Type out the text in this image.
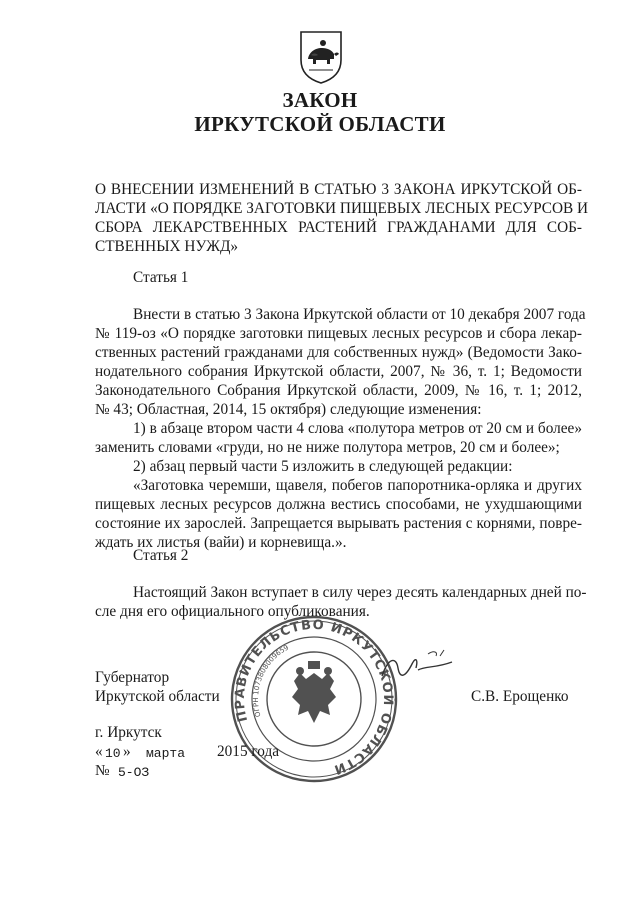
ЗАКОН
ИРКУТСКОЙ ОБЛАСТИ
О ВНЕСЕНИИ ИЗМЕНЕНИЙ В СТАТЬЮ 3 ЗАКОНА ИРКУТСКОЙ ОБ-
ЛАСТИ «О ПОРЯДКЕ ЗАГОТОВКИ ПИЩЕВЫХ ЛЕСНЫХ РЕСУРСОВ И
СБОРА ЛЕКАРСТВЕННЫХ РАСТЕНИЙ ГРАЖДАНАМИ ДЛЯ СОБ-
СТВЕННЫХ НУЖД»
Статья 1
Внести в статью 3 Закона Иркутской области от 10 декабря 2007 года
№ 119-оз «О порядке заготовки пищевых лесных ресурсов и сбора лекар-
ственных растений гражданами для собственных нужд» (Ведомости Зако-
нодательного собрания Иркутской области, 2007, № 36, т. 1; Ведомости
Законодательного Собрания Иркутской области, 2009, № 16, т. 1; 2012,
№ 43; Областная, 2014, 15 октября) следующие изменения:
1) в абзаце втором части 4 слова «полутора метров от 20 см и более»
заменить словами «груди, но не ниже полутора метров, 20 см и более»;
2) абзац первый части 5 изложить в следующей редакции:
«Заготовка черемши, щавеля, побегов папоротника-орляка и других
пищевых лесных ресурсов должна вестись способами, не ухудшающими
состояние их зарослей. Запрещается вырывать растения с корнями, повре-
ждать их листья (вайи) и корневища.».
Статья 2
Настоящий Закон вступает в силу через десять календарных дней по-
сле дня его официального опубликования.
ПРАВИТЕЛЬСТВО ИРКУТСКОЙ ОБЛАСТИ
ОГРН 1073808009659
Губернатор
Иркутской области	С.В. Ерощенко
г. Иркутск
« 10 » марта 2015 года
№ 5-ОЗ
